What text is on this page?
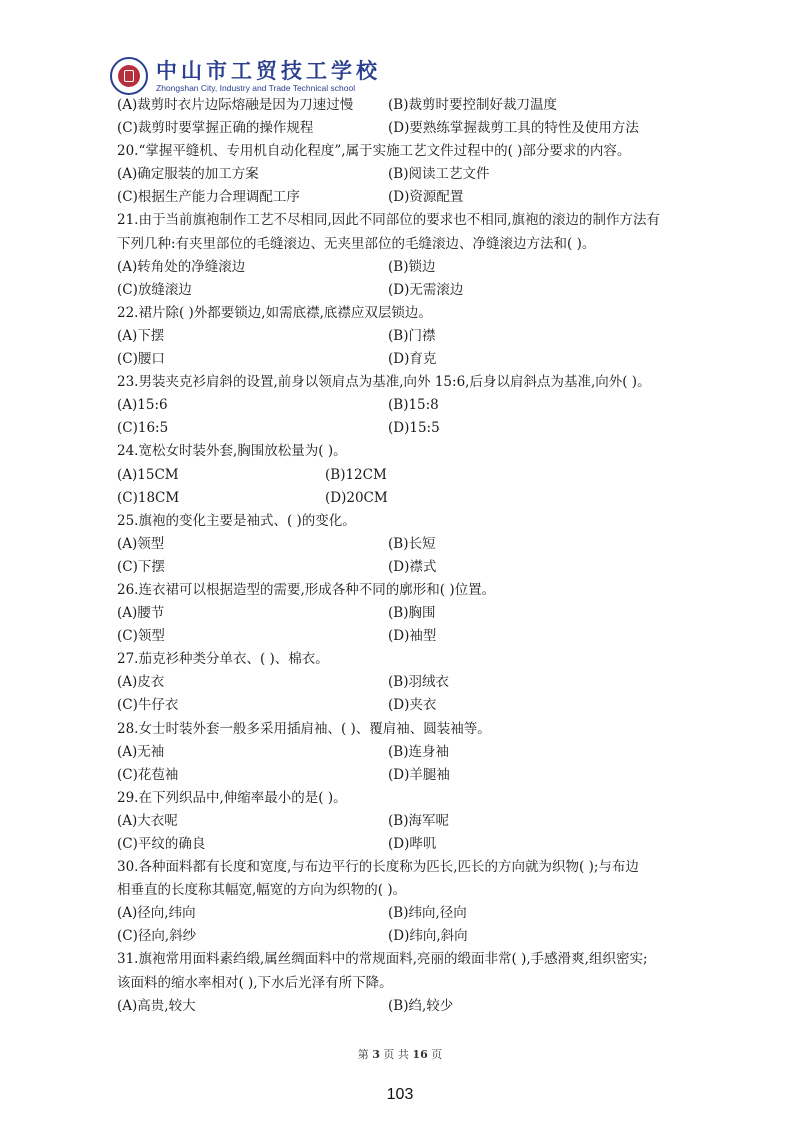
中山市工贸技工学校
Zhongshan City, Industry and Trade Technical school
(A)裁剪时衣片边际熔融是因为刀速过慢	(B)裁剪时要控制好裁刀温度
(C)裁剪时要掌握正确的操作规程	(D)要熟练掌握裁剪工具的特性及使用方法
20.“掌握平缝机、专用机自动化程度”,属于实施工艺文件过程中的( )部分要求的内容。
(A)确定服装的加工方案	(B)阅读工艺文件
(C)根据生产能力合理调配工序	(D)资源配置
21.由于当前旗袍制作工艺不尽相同,因此不同部位的要求也不相同,旗袍的滚边的制作方法有
下列几种:有夹里部位的毛缝滚边、无夹里部位的毛缝滚边、净缝滚边方法和( )。
(A)转角处的净缝滚边	(B)锁边
(C)放缝滚边	(D)无需滚边
22.裙片除( )外都要锁边,如需底襟,底襟应双层锁边。
(A)下摆	(B)门襟
(C)腰口	(D)育克
23.男装夹克衫肩斜的设置,前身以领肩点为基准,向外 15:6,后身以肩斜点为基准,向外( )。
(A)15:6	(B)15:8
(C)16:5	(D)15:5
24.宽松女时装外套,胸围放松量为( )。
(A)15CM	(B)12CM
(C)18CM	(D)20CM
25.旗袍的变化主要是袖式、( )的变化。
(A)领型	(B)长短
(C)下摆	(D)襟式
26.连衣裙可以根据造型的需要,形成各种不同的廓形和( )位置。
(A)腰节	(B)胸围
(C)领型	(D)袖型
27.茄克衫种类分单衣、( )、棉衣。
(A)皮衣	(B)羽绒衣
(C)牛仔衣	(D)夹衣
28.女士时装外套一般多采用插肩袖、( )、覆肩袖、圆装袖等。
(A)无袖	(B)连身袖
(C)花苞袖	(D)羊腿袖
29.在下列织品中,伸缩率最小的是( )。
(A)大衣呢	(B)海军呢
(C)平纹的确良	(D)哔叽
30.各种面料都有长度和宽度,与布边平行的长度称为匹长,匹长的方向就为织物( );与布边
相垂直的长度称其幅宽,幅宽的方向为织物的( )。
(A)径向,纬向	(B)纬向,径向
(C)径向,斜纱	(D)纬向,斜向
31.旗袍常用面料素绉缎,属丝绸面料中的常规面料,亮丽的缎面非常( ),手感滑爽,组织密实;
该面料的缩水率相对( ),下水后光泽有所下降。
(A)高贵,较大	(B)绉,较少
第 3 页 共 16 页
103
